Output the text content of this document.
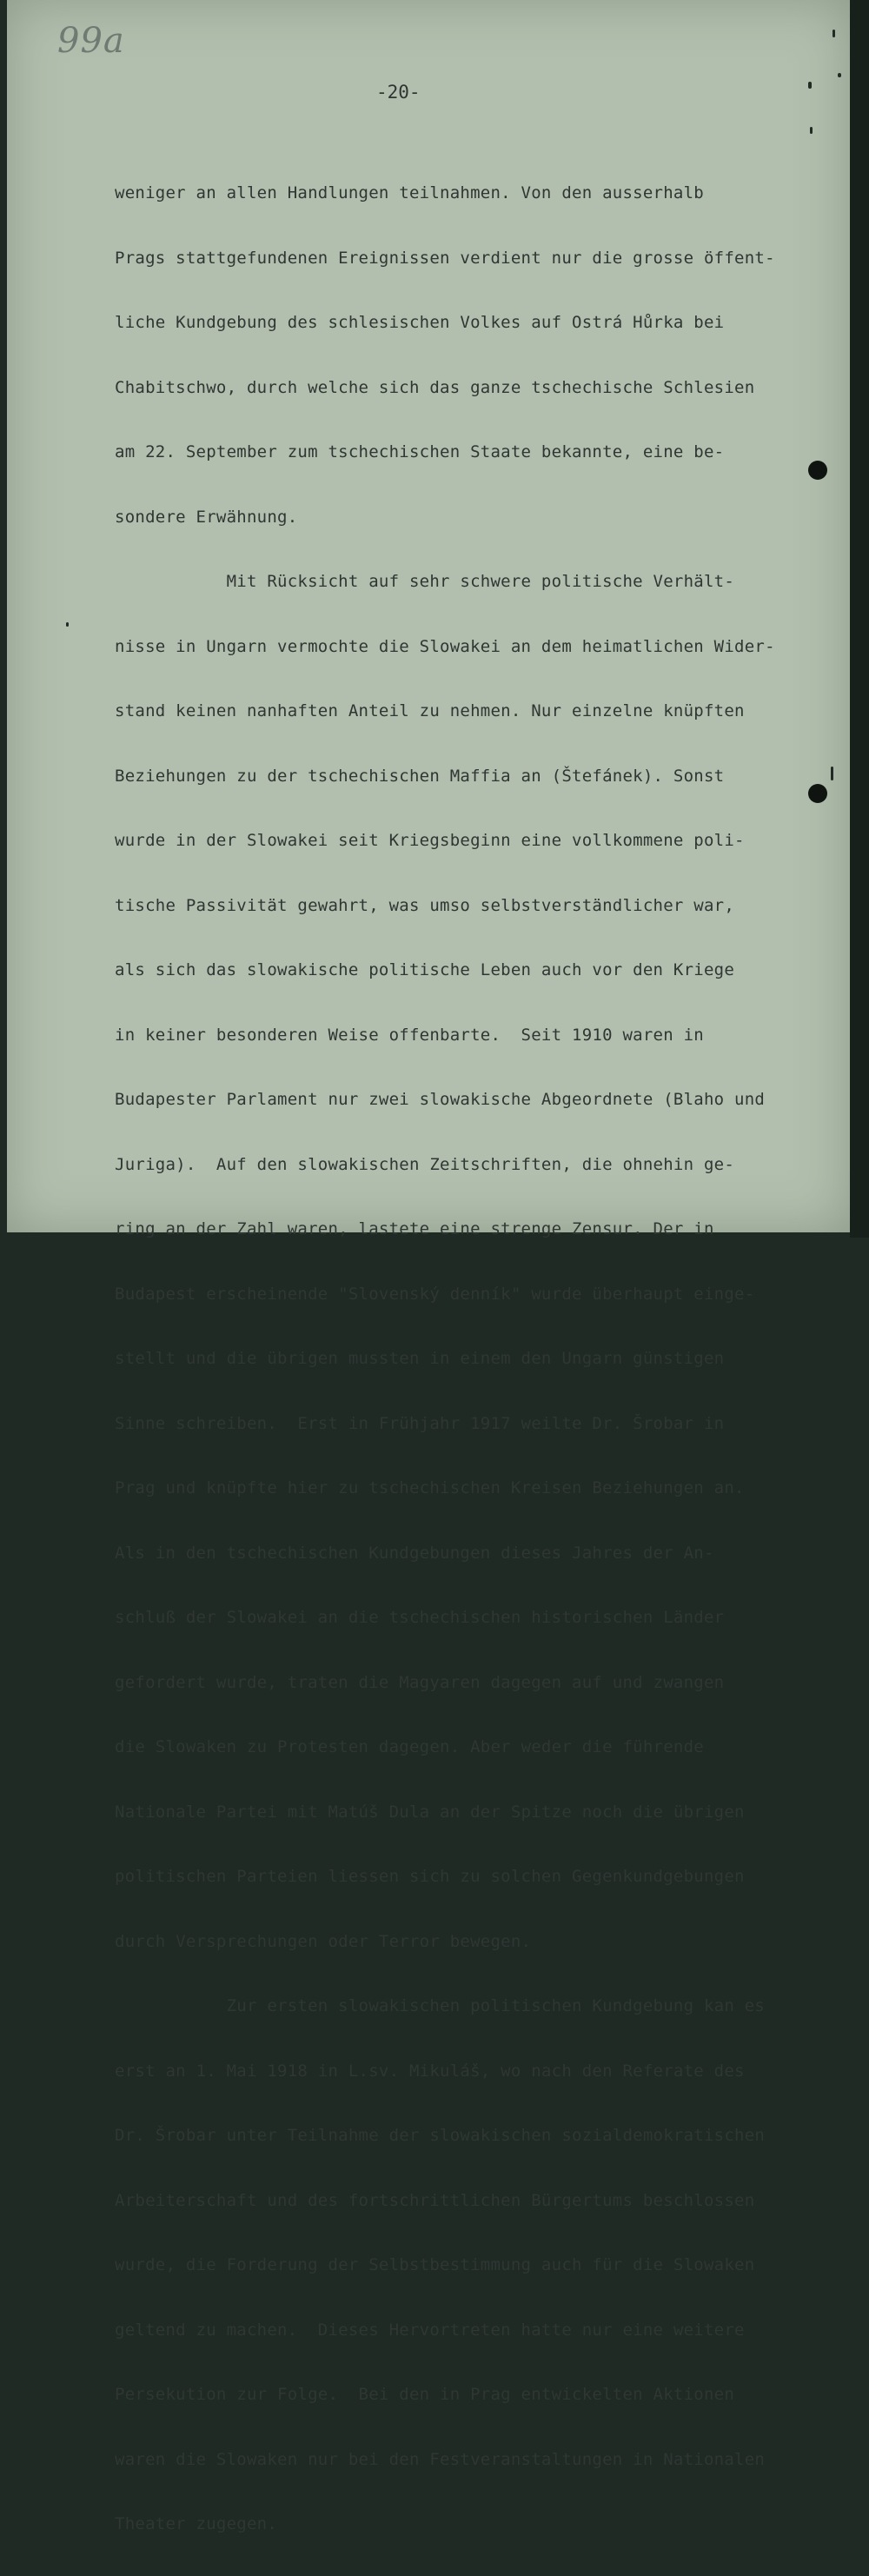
99a
-20-

weniger an allen Handlungen teilnahmen. Von den ausserhalb

Prags stattgefundenen Ereignissen verdient nur die grosse öffent-

liche Kundgebung des schlesischen Volkes auf Ostrá Hůrka bei

Chabitschwo, durch welche sich das ganze tschechische Schlesien

am 22. September zum tschechischen Staate bekannte, eine be-

sondere Erwähnung.

Mit Rücksicht auf sehr schwere politische Verhält-

nisse in Ungarn vermochte die Slowakei an dem heimatlichen Wider-

stand keinen nanhaften Anteil zu nehmen. Nur einzelne knüpften

Beziehungen zu der tschechischen Maffia an (Štefánek). Sonst

wurde in der Slowakei seit Kriegsbeginn eine vollkommene poli-

tische Passivität gewahrt, was umso selbstverständlicher war,

als sich das slowakische politische Leben auch vor den Kriege

in keiner besonderen Weise offenbarte.  Seit 1910 waren in

Budapester Parlament nur zwei slowakische Abgeordnete (Blaho und

Juriga).  Auf den slowakischen Zeitschriften, die ohnehin ge-

ring an der Zahl waren, lastete eine strenge Zensur. Der in

Budapest erscheinende "Slovenský denník" wurde überhaupt einge-

stellt und die übrigen mussten in einem den Ungarn günstigen

Sinne schreiben.  Erst in Frühjahr 1917 weilte Dr. Šrobar in

Prag und knüpfte hier zu tschechischen Kreisen Beziehungen an.

Als in den tschechischen Kundgebungen dieses Jahres der An-

schluß der Slowakei an die tschechischen historischen Länder

gefordert wurde, traten die Magyaren dagegen auf und zwangen

die Slowaken zu Protesten dagegen. Aber weder die führende

Nationale Partei mit Matúš Dula an der Spitze noch die übrigen

politischen Parteien liessen sich zu solchen Gegenkundgebungen

durch Versprechungen oder Terror bewegen.

Zur ersten slowakischen politischen Kundgebung kan es

erst an 1. Mai 1918 in L.sv. Mikuláš, wo nach den Referate des

Dr. Šrobar unter Teilnahme der slowakischen sozialdemokratischen

Arbeiterschaft und des fortschrittlichen Bürgertums beschlossen

wurde, die Forderung der Selbstbestimmung auch für die Slowaken

geltend zu machen.  Dieses Hervortreten hatte nur eine weitere

Persekution zur Folge.  Bei den in Prag entwickelten Aktionen

waren die Slowaken nur bei den Festveranstaltungen in Nationalen

Theater zugegen.
